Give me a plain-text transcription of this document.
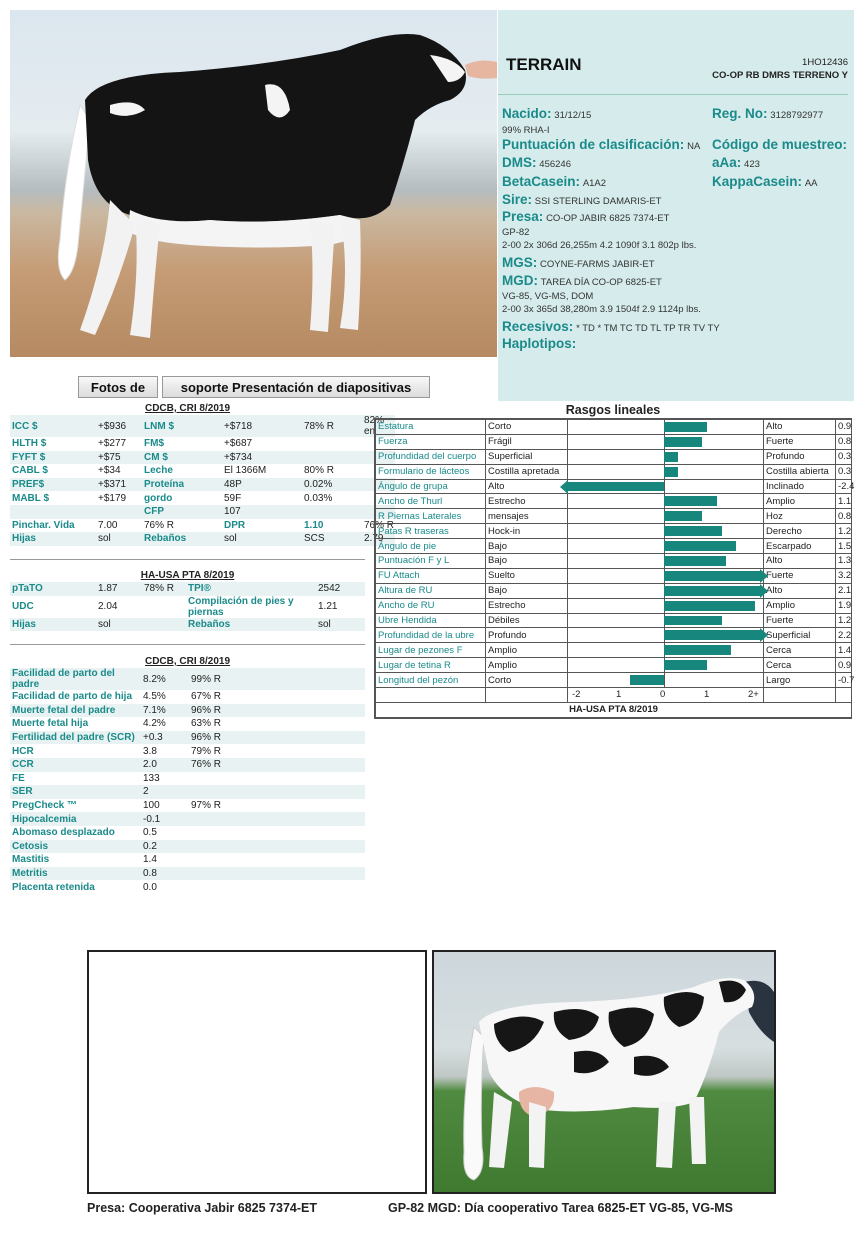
TERRAIN	1HO12436
CO-OP RB DMRS TERRENO Y
Nacido: 31/12/15	Reg. No: 3128792977
99% RHA-I
Puntuación de clasificación: NA Código de muestreo:
DMS: 456246	aAa: 423
BetaCasein: A1A2	KappaCasein: AA
Sire: SSI STERLING DAMARIS-ET
Presa: CO-OP JABIR 6825 7374-ET
GP-82
2-00 2x 306d 26,255m 4.2 1090f 3.1 802p lbs.
MGS: COYNE-FARMS JABIR-ET
MGD: TAREA DÍA CO-OP 6825-ET
VG-85, VG-MS, DOM
2-00 3x 365d 38,280m 3.9 1504f 2.9 1124p lbs.
Recesivos: * TD * TM TC TD TL TP TR TV TY
Haplotipos:
Fotos de	soporte Presentación de diapositivas
CDCB, CRI 8/2019
ICC $	+$936	LNM $	+$718	78% R	82% en
HLTH $	+$277	FM$	+$687		
FYFT $	+$75	CM $	+$734		
CABL $	+$34	Leche	El 1366M	80% R	
PREF$	+$371	Proteína	48P	0.02%	
MABL $	+$179	gordo	59F	0.03%	
		CFP	107		
Pinchar. Vida	7.00	76% R	DPR	1.10	76% R
Hijas	sol	Rebaños	sol	SCS	2.79
HA-USA PTA 8/2019
pTaTO	1.87	78% R	TPI®		2542
UDC	2.04		Compilación de pies y piernas		1.21
Hijas	sol		Rebaños		sol
CDCB, CRI 8/2019
Facilidad de parto del padre	8.2%	99% R
Facilidad de parto de hija	4.5%	67% R
Muerte fetal del padre	7.1%	96% R
Muerte fetal hija	4.2%	63% R
Fertilidad del padre (SCR)	+0.3	96% R
HCR	3.8	79% R
CCR	2.0	76% R
FE	133	
SER	2	
PregCheck ™	100	97% R
Hipocalcemia	-0.1	
Abomaso desplazado	0.5	
Cetosis	0.2	
Mastitis	1.4	
Metritis	0.8	
Placenta retenida	0.0	
Rasgos lineales
Estatura	Corto		Alto	0.9
Fuerza	Frágil		Fuerte	0.8
Profundidad del cuerpo	Superficial		Profundo	0.3
Formulario de lácteos	Costilla apretada		Costilla abierta	0.3
Ángulo de grupa	Alto		Inclinado	-2.4
Ancho de Thurl	Estrecho		Amplio	1.1
R Piernas Laterales	mensajes		Hoz	0.8
Patas R traseras	Hock-in		Derecho	1.2
Ángulo de pie	Bajo		Escarpado	1.5
Puntuación F y L	Bajo		Alto	1.3
FU Attach	Suelto		Fuerte	3.2
Altura de RU	Bajo		Alto	2.1
Ancho de RU	Estrecho		Amplio	1.9
Ubre Hendida	Débiles		Fuerte	1.2
Profundidad de la ubre	Profundo		Superficial	2.2
Lugar de pezones F	Amplio		Cerca	1.4
Lugar de tetina R	Amplio		Cerca	0.9
Longitud del pezón	Corto		Largo	-0.7

		-2 1 0 1 2+		

HA-USA PTA 8/2019				
Presa: Cooperativa Jabir 6825 7374-ET	GP-82 MGD: Día cooperativo Tarea 6825-ET VG-85, VG-MS
